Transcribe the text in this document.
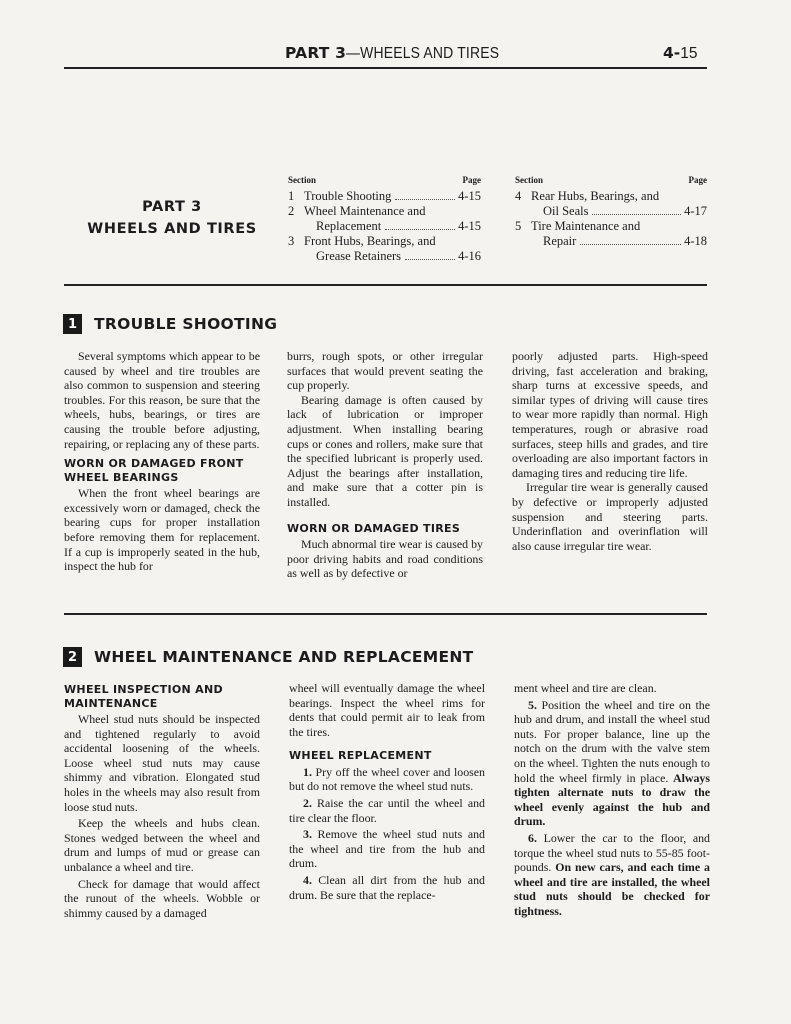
PART 3—WHEELS AND TIRES	4-15
PART 3
WHEELS AND TIRES
Section	Page
1 Trouble Shooting	4-15
2 Wheel Maintenance and
Replacement	4-15
3 Front Hubs, Bearings, and
Grease Retainers	4-16
Section	Page
4 Rear Hubs, Bearings, and
Oil Seals	4-17
5 Tire Maintenance and
Repair	4-18
1	TROUBLE SHOOTING

Several symptoms which appear to be caused by wheel and tire troubles are also common to suspension and steering troubles. For this reason, be sure that the wheels, hubs, bearings, or tires are causing the trouble before adjusting, repairing, or replacing any of these parts.

WORN OR DAMAGED FRONT WHEEL BEARINGS

When the front wheel bearings are excessively worn or damaged, check the bearing cups for proper installation before removing them for replacement. If a cup is improperly seated in the hub, inspect the hub for

burrs, rough spots, or other irregular surfaces that would prevent seating the cup properly.

Bearing damage is often caused by lack of lubrication or improper adjustment. When installing bearing cups or cones and rollers, make sure that the specified lubricant is properly used. Adjust the bearings after installation, and make sure that a cotter pin is installed.

WORN OR DAMAGED TIRES

Much abnormal tire wear is caused by poor driving habits and road conditions as well as by defective or

poorly adjusted parts. High-speed driving, fast acceleration and braking, sharp turns at excessive speeds, and similar types of driving will cause tires to wear more rapidly than normal. High temperatures, rough or abrasive road surfaces, steep hills and grades, and tire overloading are also important factors in damaging tires and reducing tire life.

Irregular tire wear is generally caused by defective or improperly adjusted suspension and steering parts. Underinflation and overinflation will also cause irregular tire wear.

2	WHEEL MAINTENANCE AND REPLACEMENT
WHEEL INSPECTION AND MAINTENANCE

Wheel stud nuts should be inspected and tightened regularly to avoid accidental loosening of the wheels. Loose wheel stud nuts may cause shimmy and vibration. Elongated stud holes in the wheels may also result from loose stud nuts.

Keep the wheels and hubs clean. Stones wedged between the wheel and drum and lumps of mud or grease can unbalance a wheel and tire.

Check for damage that would affect the runout of the wheels. Wobble or shimmy caused by a damaged

wheel will eventually damage the wheel bearings. Inspect the wheel rims for dents that could permit air to leak from the tires.

WHEEL REPLACEMENT

1. Pry off the wheel cover and loosen but do not remove the wheel stud nuts.

2. Raise the car until the wheel and tire clear the floor.

3. Remove the wheel stud nuts and the wheel and tire from the hub and drum.

4. Clean all dirt from the hub and drum. Be sure that the replace-

ment wheel and tire are clean.

5. Position the wheel and tire on the hub and drum, and install the wheel stud nuts. For proper balance, line up the notch on the drum with the valve stem on the wheel. Tighten the nuts enough to hold the wheel firmly in place. Always tighten alternate nuts to draw the wheel evenly against the hub and drum.

6. Lower the car to the floor, and torque the wheel stud nuts to 55-85 foot-pounds. On new cars, and each time a wheel and tire are installed, the wheel stud nuts should be checked for tightness.
